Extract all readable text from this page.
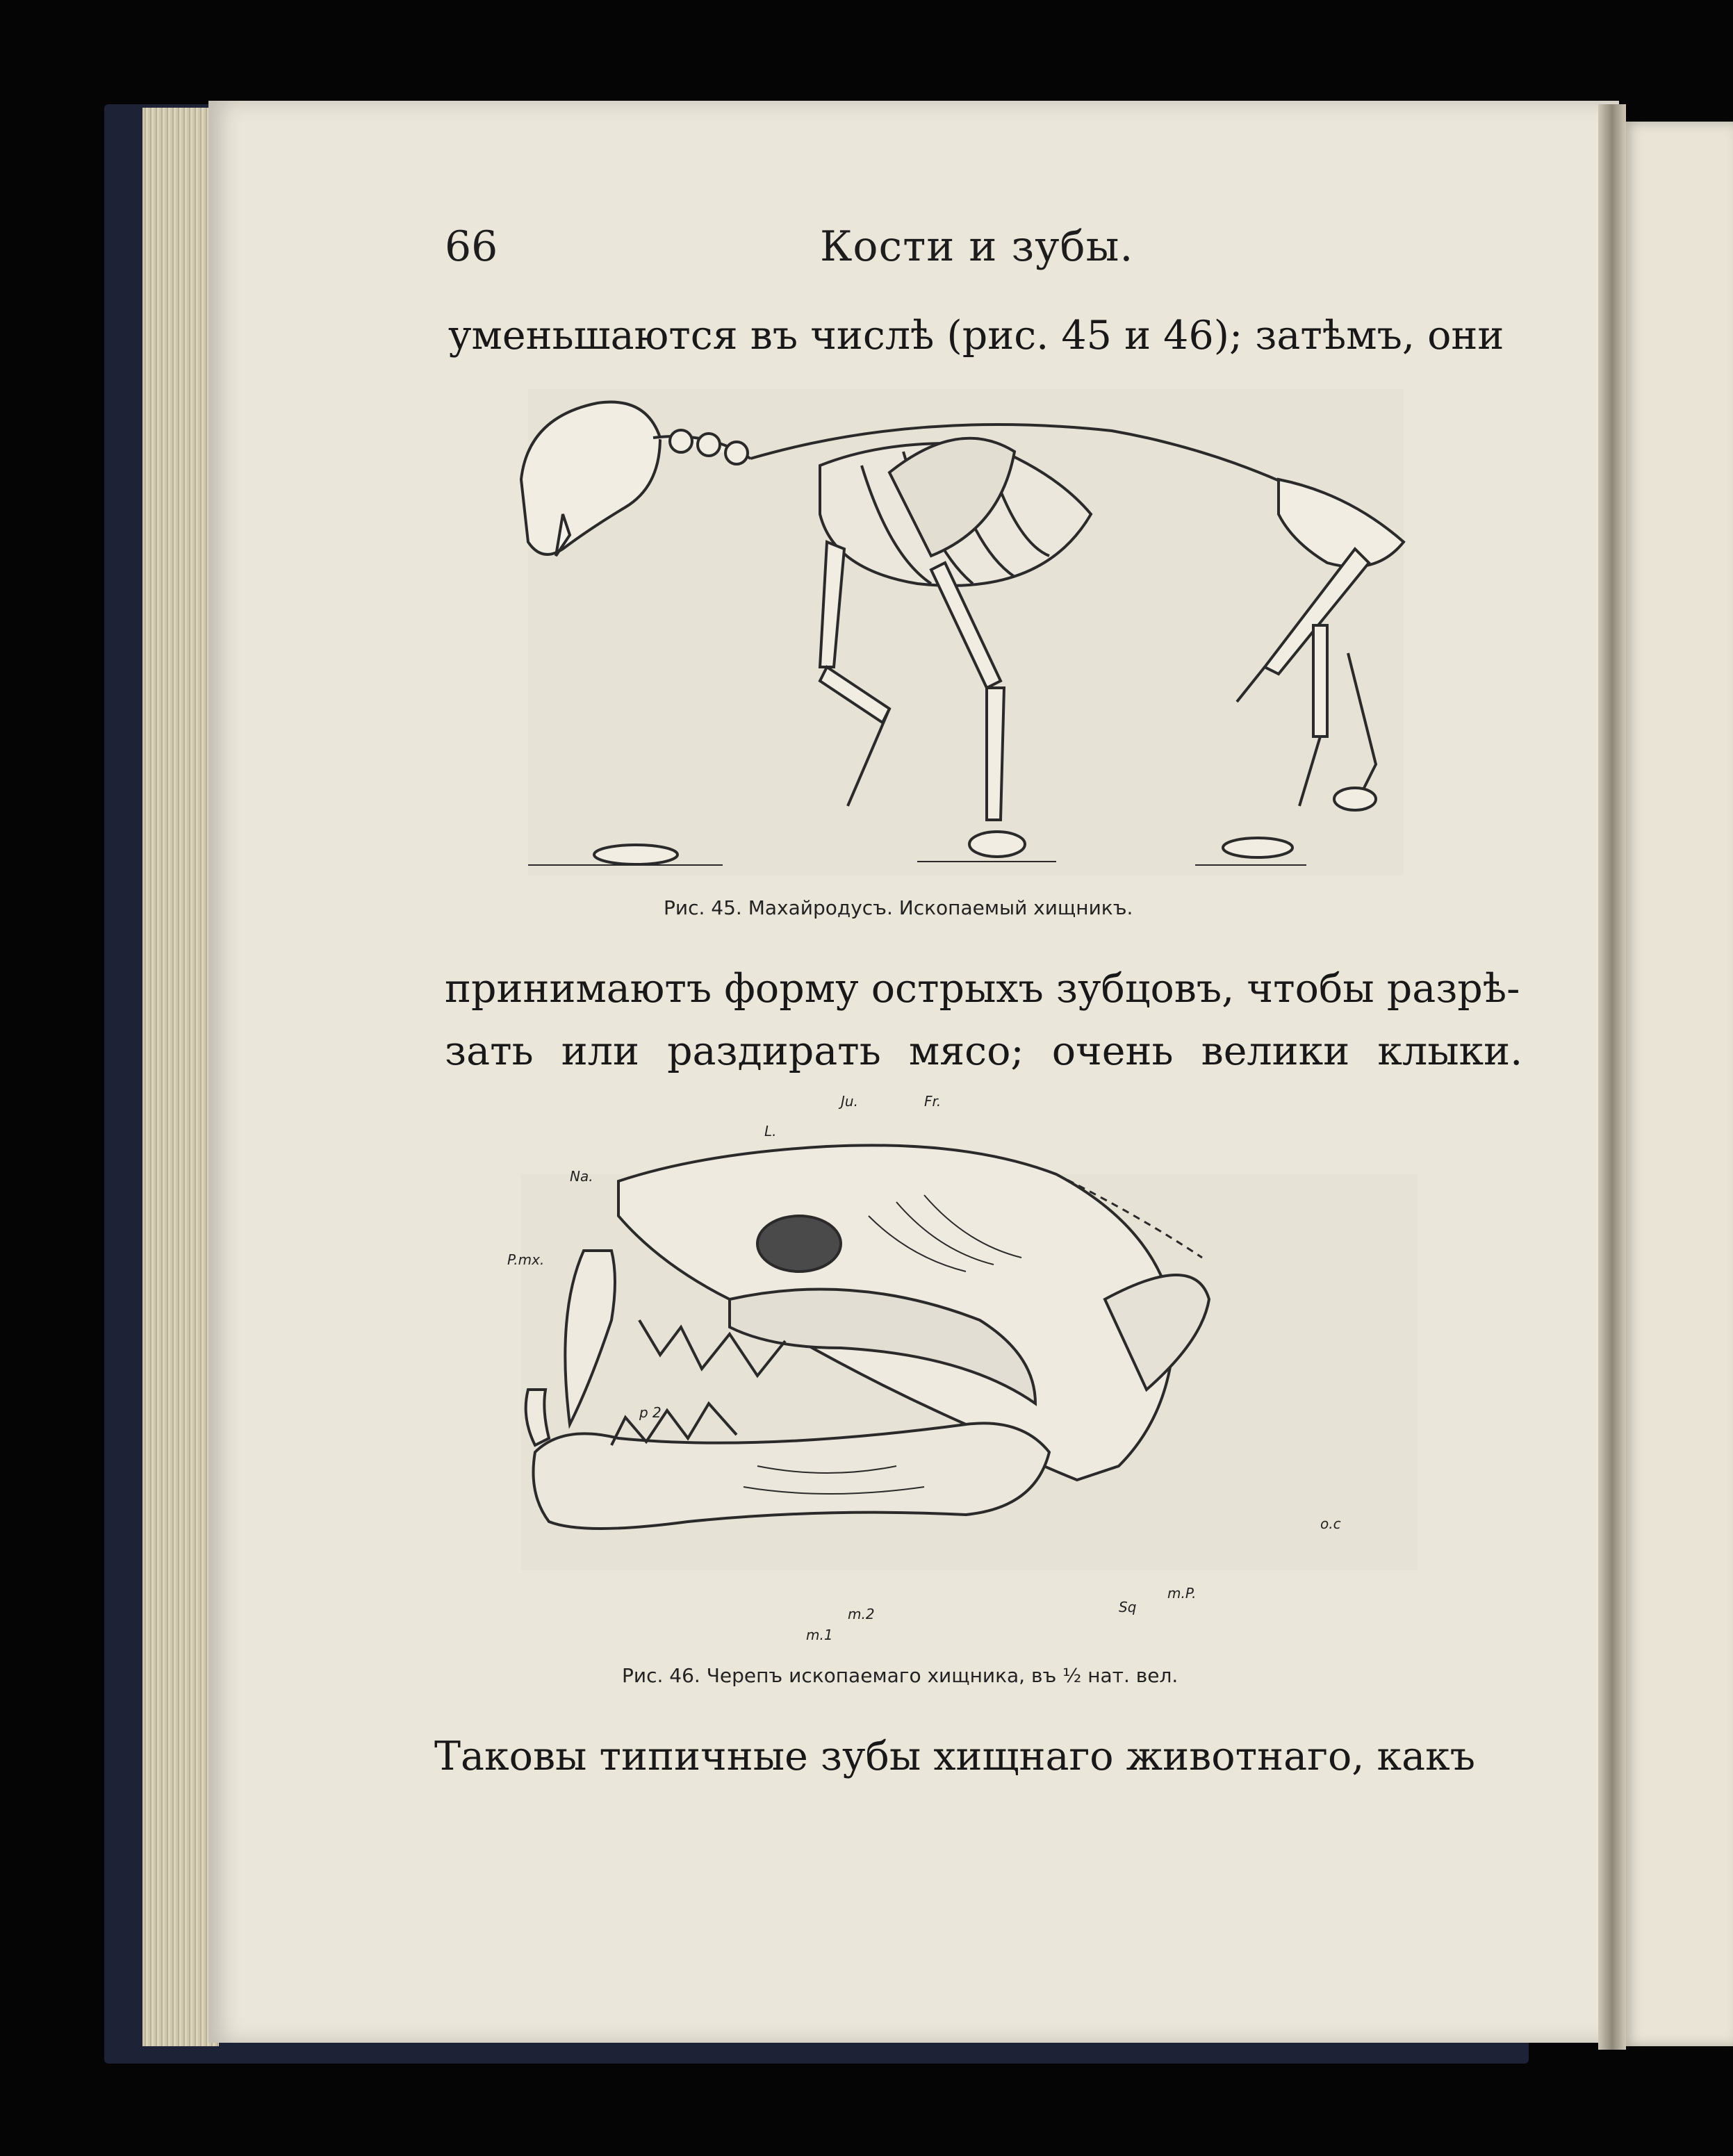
66	Кости и зубы.
уменьшаются въ числѣ (рис. 45 и 46); затѣмъ, они
Рис. 45. Махайродусъ. Ископаемый хищникъ.
принимаютъ форму острыхъ зубцовъ, чтобы разрѣ-
зать или раздирать мясо; очень велики клыки.
Ju.	Fr.
L.
Na.
P.mx.
p 2
m.1
m.2	Sq
m.P.
o.c
Рис. 46. Черепъ ископаемаго хищника, въ ½ нат. вел.
Таковы типичные зубы хищнаго животнаго, какъ
